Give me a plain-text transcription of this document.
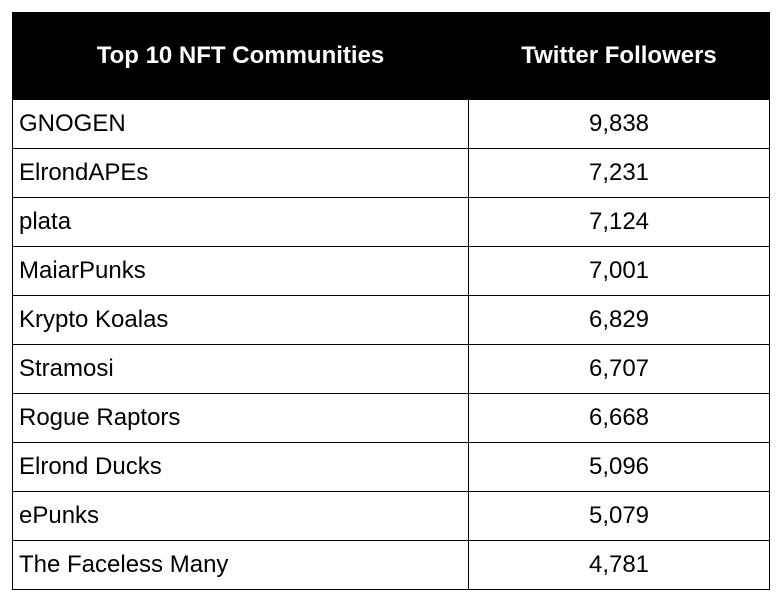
Top 10 NFT Communities	Twitter Followers
GNOGEN	9,838
ElrondAPEs	7,231
plata	7,124
MaiarPunks	7,001
Krypto Koalas	6,829
Stramosi	6,707
Rogue Raptors	6,668
Elrond Ducks	5,096
ePunks	5,079
The Faceless Many	4,781
